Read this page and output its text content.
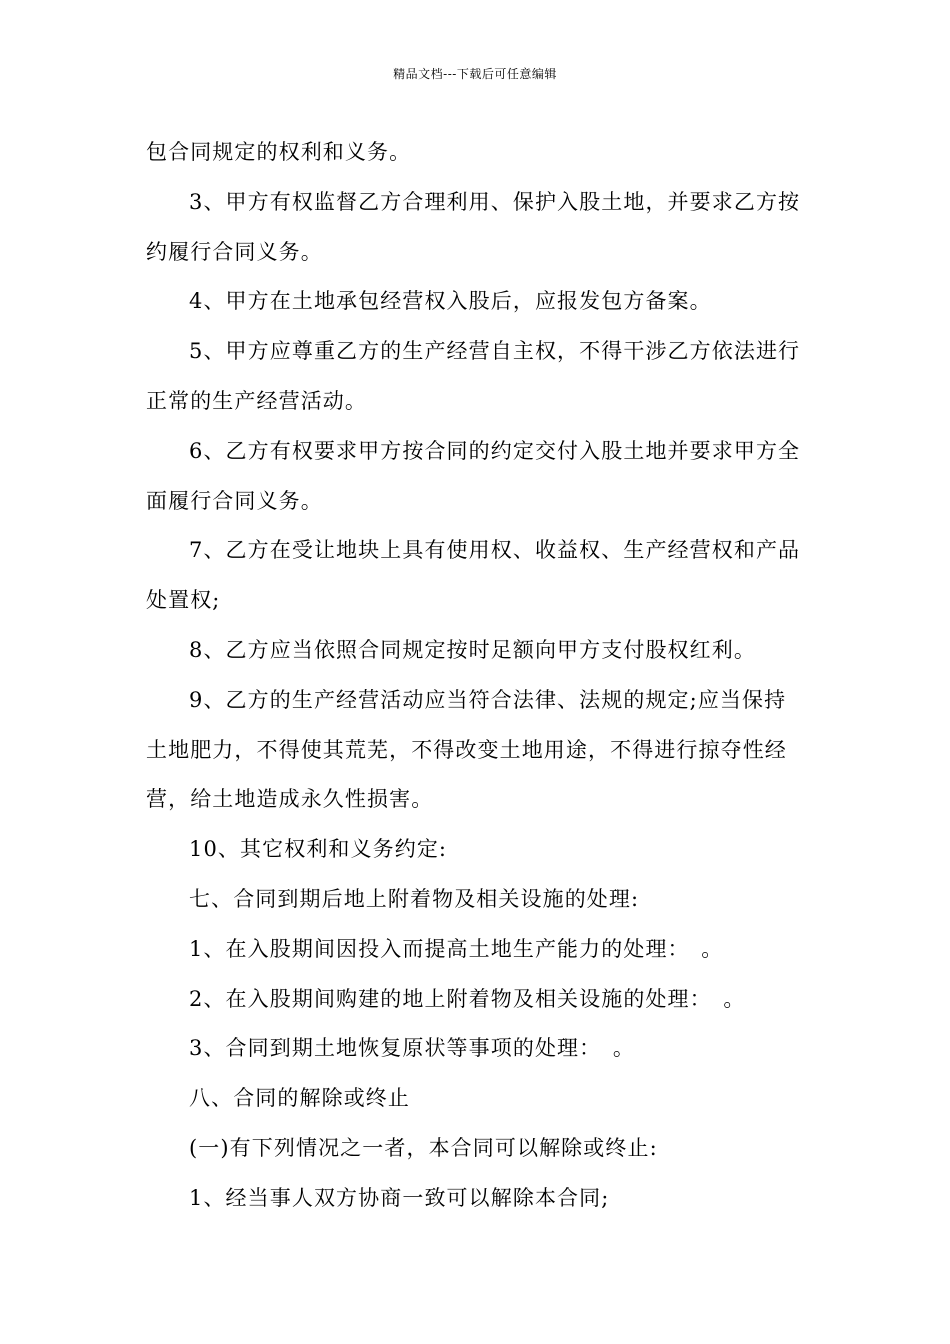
精品文档---下载后可任意编辑
包合同规定的权利和义务。
3、甲方有权监督乙方合理利用、保护入股土地，并要求乙方按
约履行合同义务。
4、甲方在土地承包经营权入股后，应报发包方备案。
5、甲方应尊重乙方的生产经营自主权，不得干涉乙方依法进行
正常的生产经营活动。
6、乙方有权要求甲方按合同的约定交付入股土地并要求甲方全
面履行合同义务。
7、乙方在受让地块上具有使用权、收益权、生产经营权和产品
处置权;
8、乙方应当依照合同规定按时足额向甲方支付股权红利。
9、乙方的生产经营活动应当符合法律、法规的规定;应当保持
土地肥力，不得使其荒芜，不得改变土地用途，不得进行掠夺性经
营，给土地造成永久性损害。
10、其它权利和义务约定:
七、合同到期后地上附着物及相关设施的处理:
1、在入股期间因投入而提高土地生产能力的处理：　。
2、在入股期间购建的地上附着物及相关设施的处理：　。
3、合同到期土地恢复原状等事项的处理：　。
八、合同的解除或终止
(一)有下列情况之一者，本合同可以解除或终止:
1、经当事人双方协商一致可以解除本合同;
